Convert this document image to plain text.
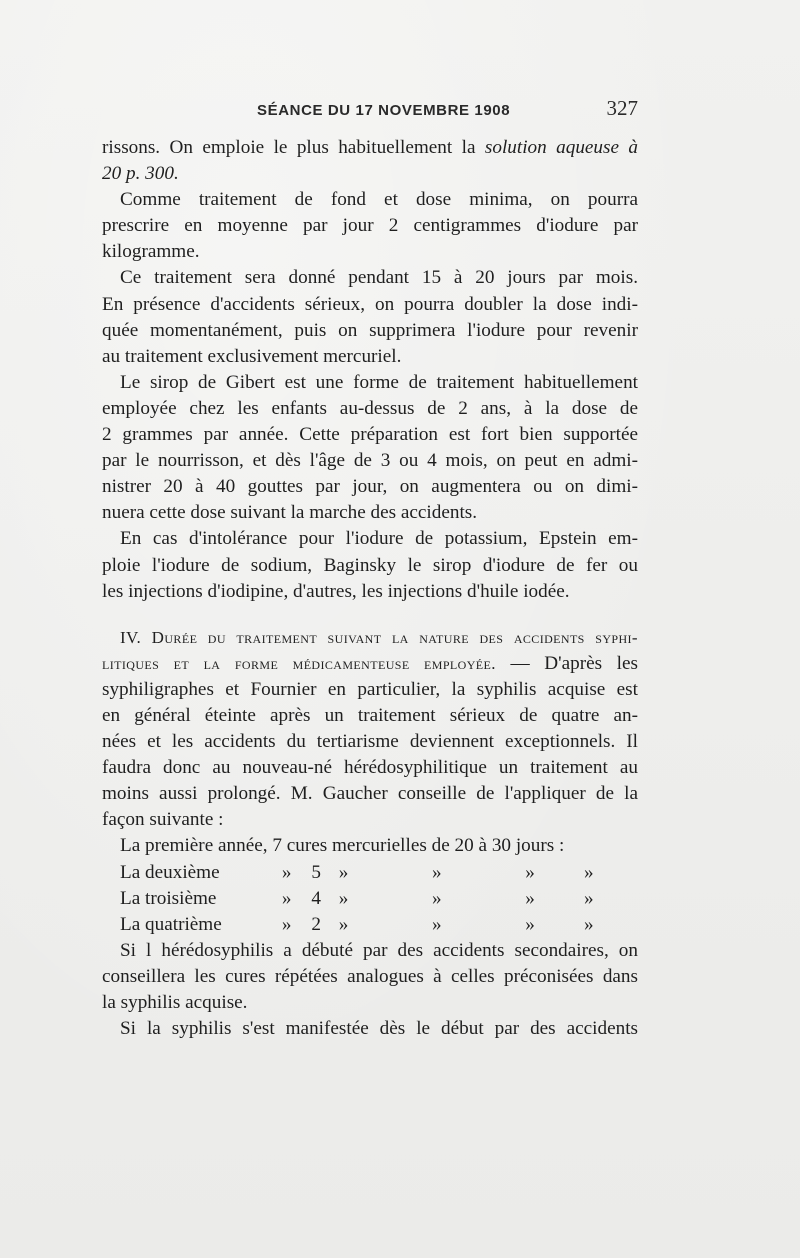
SÉANCE DU 17 NOVEMBRE 1908	327
rissons. On emploie le plus habituellement la solution aqueuse à
20 p. 300.
Comme traitement de fond et dose minima, on pourra
prescrire en moyenne par jour 2 centigrammes d'iodure par
kilogramme.
Ce traitement sera donné pendant 15 à 20 jours par mois.
En présence d'accidents sérieux, on pourra doubler la dose indi-
quée momentanément, puis on supprimera l'iodure pour revenir
au traitement exclusivement mercuriel.
Le sirop de Gibert est une forme de traitement habituellement
employée chez les enfants au-dessus de 2 ans, à la dose de
2 grammes par année. Cette préparation est fort bien supportée
par le nourrisson, et dès l'âge de 3 ou 4 mois, on peut en admi-
nistrer 20 à 40 gouttes par jour, on augmentera ou on dimi-
nuera cette dose suivant la marche des accidents.
En cas d'intolérance pour l'iodure de potassium, Epstein em-
ploie l'iodure de sodium, Baginsky le sirop d'iodure de fer ou
les injections d'iodipine, d'autres, les injections d'huile iodée.
IV. Durée du traitement suivant la nature des accidents syphi-
litiques et la forme médicamenteuse employée. — D'après les
syphiligraphes et Fournier en particulier, la syphilis acquise est
en général éteinte après un traitement sérieux de quatre an-
nées et les accidents du tertiarisme deviennent exceptionnels. Il
faudra donc au nouveau-né hérédosyphilitique un traitement au
moins aussi prolongé. M. Gaucher conseille de l'appliquer de la
façon suivante :
La première année, 7 cures mercurielles de 20 à 30 jours :
La deuxième	»	5 »	»	»	»
La troisième	»	4 »	»	»	»
La quatrième	»	2 »	»	»	»
Si l hérédosyphilis a débuté par des accidents secondaires, on
conseillera les cures répétées analogues à celles préconisées dans
la syphilis acquise.
Si la syphilis s'est manifestée dès le début par des accidents
